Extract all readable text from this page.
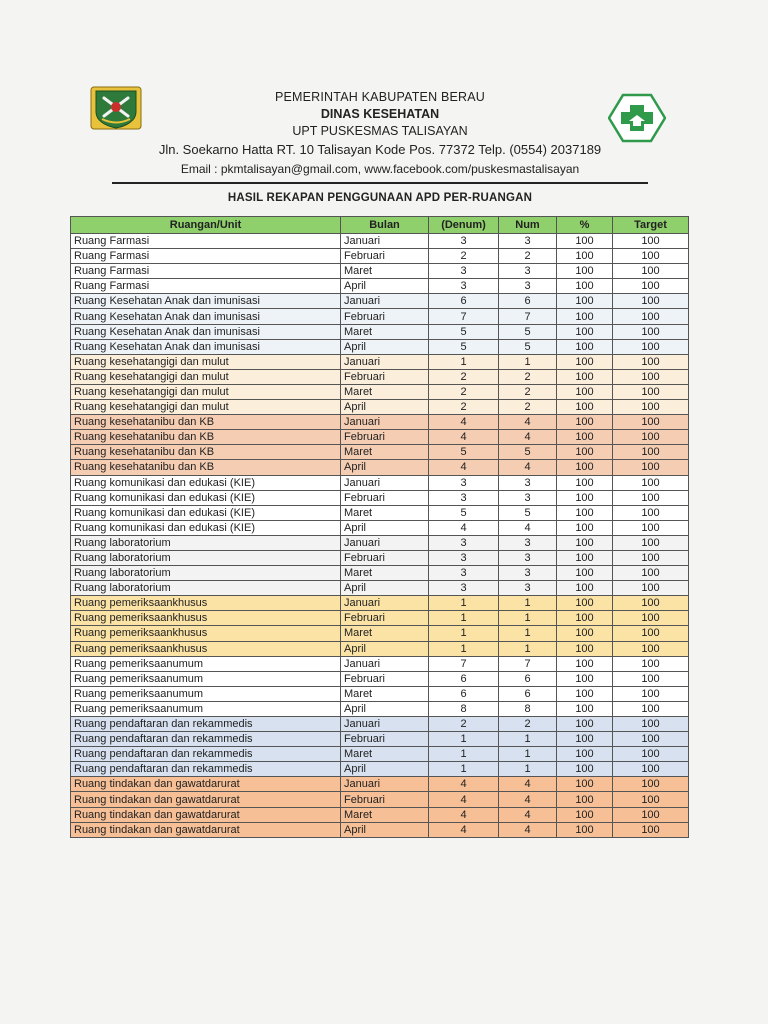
PEMERINTAH KABUPATEN BERAU
DINAS KESEHATAN
UPT PUSKESMAS TALISAYAN
Jln. Soekarno Hatta RT. 10 Talisayan Kode Pos. 77372 Telp. (0554) 2037189
Email : pkmtalisayan@gmail.com, www.facebook.com/puskesmastalisayan
HASIL REKAPAN PENGGUNAAN APD PER-RUANGAN
Ruangan/Unit	Bulan	(Denum)	Num	%	Target
Ruang Farmasi	Januari	3	3	100	100
Ruang Farmasi	Februari	2	2	100	100
Ruang Farmasi	Maret	3	3	100	100
Ruang Farmasi	April	3	3	100	100
Ruang Kesehatan Anak dan imunisasi	Januari	6	6	100	100
Ruang Kesehatan Anak dan imunisasi	Februari	7	7	100	100
Ruang Kesehatan Anak dan imunisasi	Maret	5	5	100	100
Ruang Kesehatan Anak dan imunisasi	April	5	5	100	100
Ruang kesehatangigi dan mulut	Januari	1	1	100	100
Ruang kesehatangigi dan mulut	Februari	2	2	100	100
Ruang kesehatangigi dan mulut	Maret	2	2	100	100
Ruang kesehatangigi dan mulut	April	2	2	100	100
Ruang kesehatanibu dan KB	Januari	4	4	100	100
Ruang kesehatanibu dan KB	Februari	4	4	100	100
Ruang kesehatanibu dan KB	Maret	5	5	100	100
Ruang kesehatanibu dan KB	April	4	4	100	100
Ruang komunikasi dan edukasi (KIE)	Januari	3	3	100	100
Ruang komunikasi dan edukasi (KIE)	Februari	3	3	100	100
Ruang komunikasi dan edukasi (KIE)	Maret	5	5	100	100
Ruang komunikasi dan edukasi (KIE)	April	4	4	100	100
Ruang laboratorium	Januari	3	3	100	100
Ruang laboratorium	Februari	3	3	100	100
Ruang laboratorium	Maret	3	3	100	100
Ruang laboratorium	April	3	3	100	100
Ruang pemeriksaankhusus	Januari	1	1	100	100
Ruang pemeriksaankhusus	Februari	1	1	100	100
Ruang pemeriksaankhusus	Maret	1	1	100	100
Ruang pemeriksaankhusus	April	1	1	100	100
Ruang pemeriksaanumum	Januari	7	7	100	100
Ruang pemeriksaanumum	Februari	6	6	100	100
Ruang pemeriksaanumum	Maret	6	6	100	100
Ruang pemeriksaanumum	April	8	8	100	100
Ruang pendaftaran dan rekammedis	Januari	2	2	100	100
Ruang pendaftaran dan rekammedis	Februari	1	1	100	100
Ruang pendaftaran dan rekammedis	Maret	1	1	100	100
Ruang pendaftaran dan rekammedis	April	1	1	100	100
Ruang tindakan dan gawatdarurat	Januari	4	4	100	100
Ruang tindakan dan gawatdarurat	Februari	4	4	100	100
Ruang tindakan dan gawatdarurat	Maret	4	4	100	100
Ruang tindakan dan gawatdarurat	April	4	4	100	100
